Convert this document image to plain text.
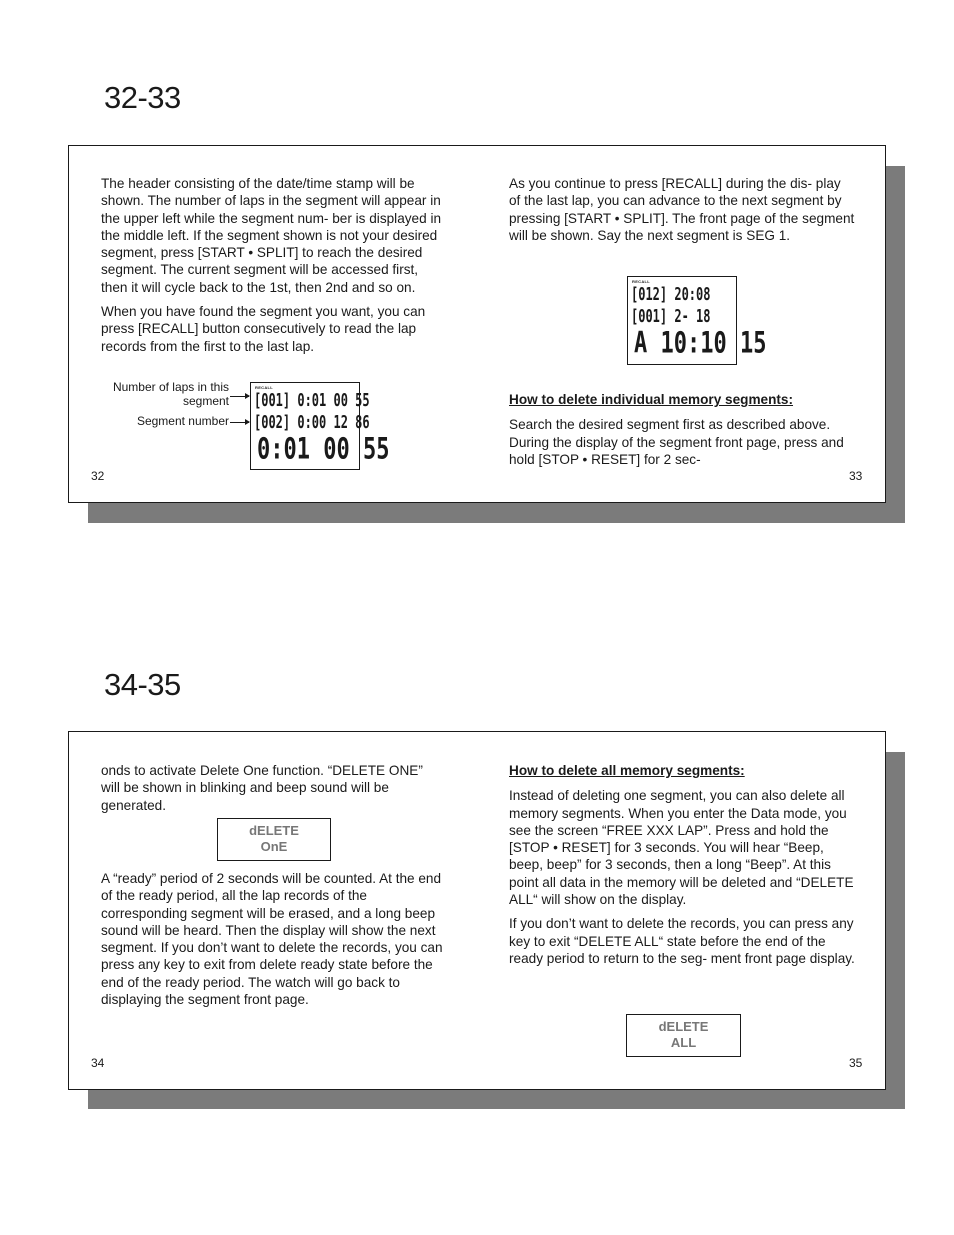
32-33

The header consisting of the date/time stamp will be shown. The number of laps in the segment will appear in the upper left while the segment num- ber is displayed in the middle left. If the segment shown is not your desired segment, press [START • SPLIT] to reach the desired segment. The current segment will be accessed first, then it will cycle back to the 1st, then 2nd and so on.

When you have found the segment you want, you can press [RECALL] button consecutively to read the lap records from the first to the last lap.

Number of laps in this segment
Segment number
RECALL
[001] 0:01 00 55
[002] 0:00 12 86
0:01 00 55
32

As you continue to press [RECALL] during the dis- play of the last lap, you can advance to the next segment by pressing [START • SPLIT]. The front page of the segment will be shown. Say the next segment is SEG 1.

RECALL
[012] 20:08
[001] 2- 18
A 10:10 15

How to delete individual memory segments:

Search the desired segment first as described above. During the display of the segment front page, press and hold [STOP • RESET] for 2 sec-

33
34-35

onds to activate Delete One function. “DELETE ONE” will be shown in blinking and beep sound will be generated.

dELETE
OnE

A “ready” period of 2 seconds will be counted. At the end of the ready period, all the lap records of the corresponding segment will be erased, and a long beep sound will be heard. Then the display will show the next segment. If you don’t want to delete the records, you can press any key to exit from delete ready state before the end of the ready period. The watch will go back to displaying the segment front page.

34

How to delete all memory segments:

Instead of deleting one segment, you can also delete all memory segments. When you enter the Data mode, you see the screen “FREE XXX LAP”. Press and hold the [STOP • RESET] for 3 seconds. You will hear “Beep, beep, beep” for 3 seconds, then a long “Beep”. At this point all data in the memory will be deleted and “DELETE ALL“ will show on the display.

If you don’t want to delete the records, you can press any key to exit “DELETE ALL“ state before the end of the ready period to return to the seg- ment front page display.

dELETE
ALL
35
